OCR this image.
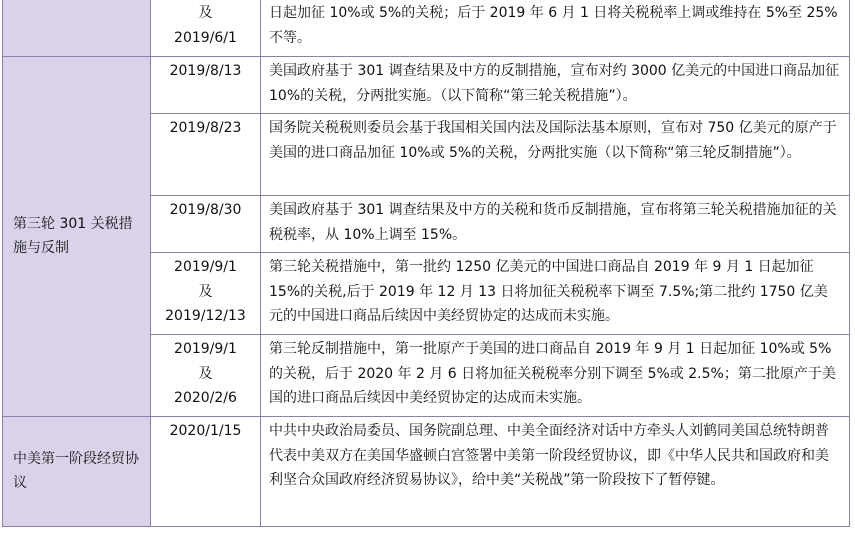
	及
2019/6/1	日起加征 10%或 5%的关税；后于 2019 年 6 月 1 日将关税税率上调或维持在 5%至 25%不等。
第三轮 301 关税措施与反制	2019/8/13	美国政府基于 301 调查结果及中方的反制措施，宣布对约 3000 亿美元的中国进口商品加征 10%的关税，分两批实施。（以下简称“第三轮关税措施”）。

	2019/8/23	国务院关税税则委员会基于我国相关国内法及国际法基本原则，宣布对 750 亿美元的原产于美国的进口商品加征 10%或 5%的关税，分两批实施（以下简称“第三轮反制措施”）。

	2019/8/30	美国政府基于 301 调查结果及中方的关税和货币反制措施，宣布将第三轮关税措施加征的关税税率，从 10%上调至 15%。

	2019/9/1
及
2019/12/13	第三轮关税措施中，第一批约 1250 亿美元的中国进口商品自 2019 年 9 月 1 日起加征 15%的关税,后于 2019 年 12 月 13 日将加征关税税率下调至 7.5%;第二批约 1750 亿美元的中国进口商品后续因中美经贸协定的达成而未实施。

	2019/9/1
及
2020/2/6	第三轮反制措施中，第一批原产于美国的进口商品自 2019 年 9 月 1 日起加征 10%或 5%的关税，后于 2020 年 2 月 6 日将加征关税税率分别下调至 5%或 2.5%；第二批原产于美国的进口商品后续因中美经贸协定的达成而未实施。
中美第一阶段经贸协议	2020/1/15	中共中央政治局委员、国务院副总理、中美全面经济对话中方牵头人刘鹤同美国总统特朗普代表中美双方在美国华盛顿白宫签署中美第一阶段经贸协议，即《中华人民共和国政府和美利坚合众国政府经济贸易协议》，给中美“关税战”第一阶段按下了暂停键。
